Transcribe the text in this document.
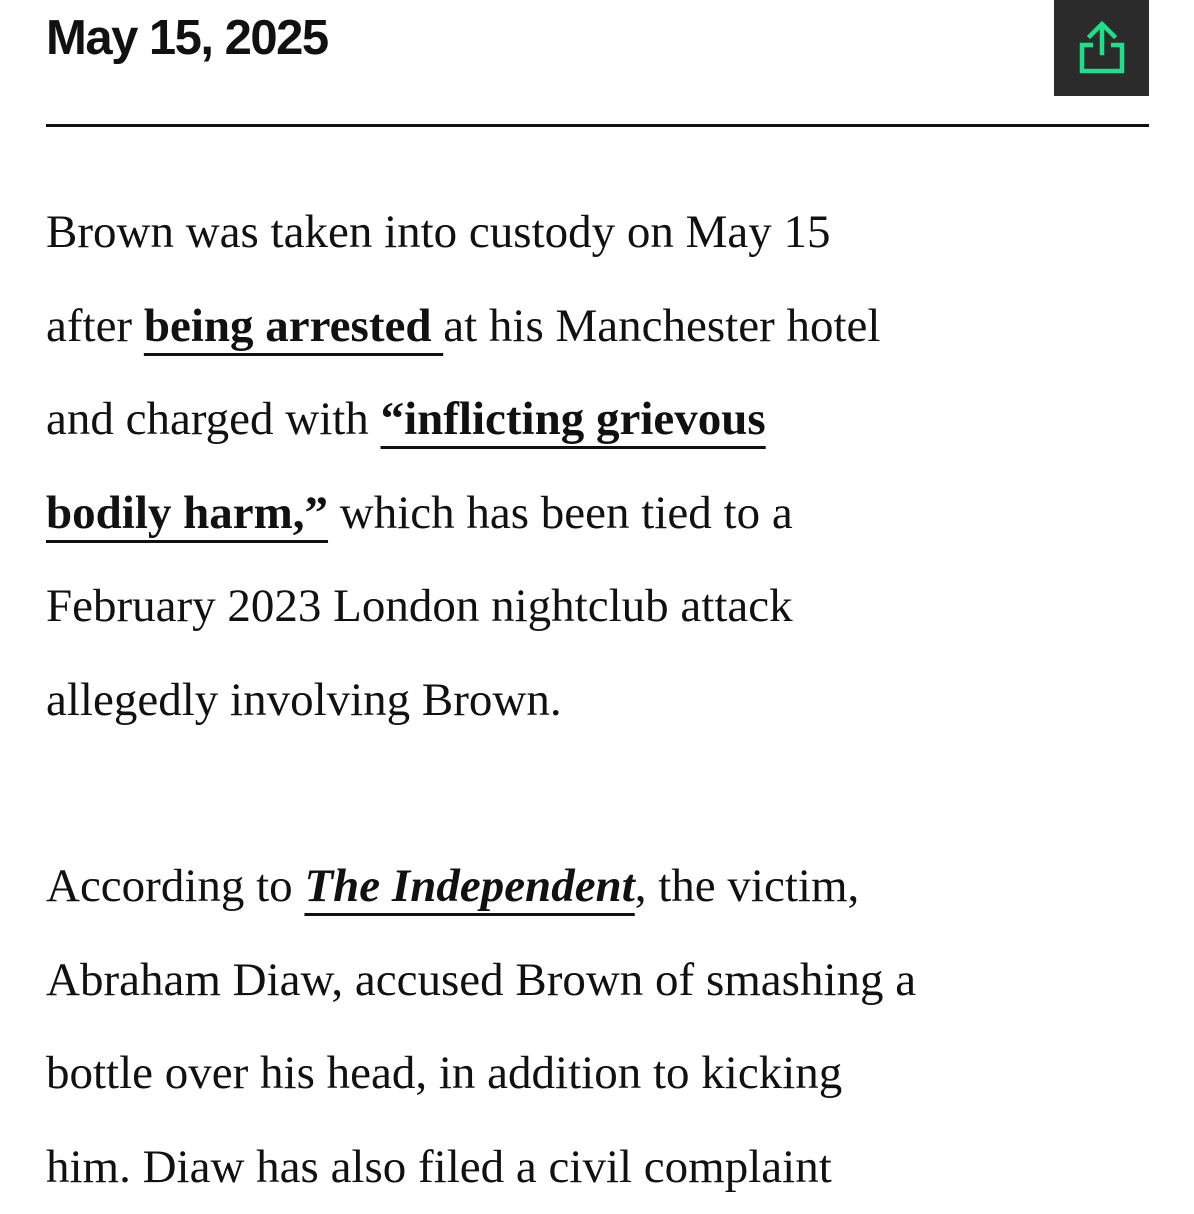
May 15, 2025

Brown was taken into custody on May 15
after being arrested at his Manchester hotel
and charged with “inflicting grievous
bodily harm,” which has been tied to a
February 2023 London nightclub attack
allegedly involving Brown.

According to The Independent, the victim,
Abraham Diaw, accused Brown of smashing a
bottle over his head, in addition to kicking
him. Diaw has also filed a civil complaint
